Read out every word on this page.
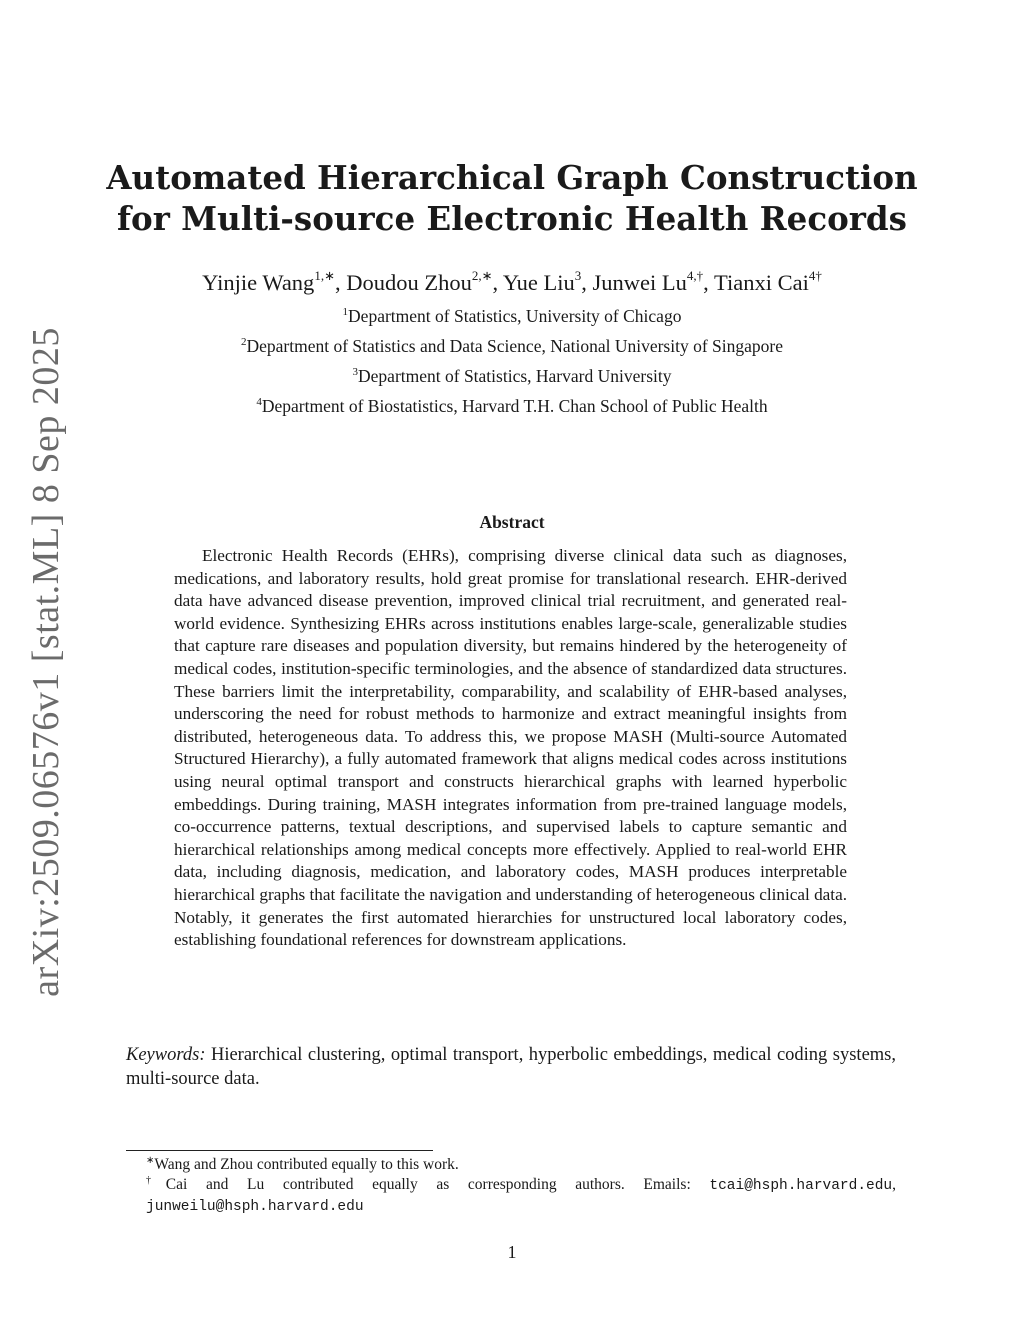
arXiv:2509.06576v1 [stat.ML] 8 Sep 2025
Automated Hierarchical Graph Construction
for Multi-source Electronic Health Records
Yinjie Wang$^{1,∗}$, Doudou Zhou$^{2,∗}$, Yue Liu$^3$, Junwei $Lu^{4,\dagger}$, Tianxi Cai$^{4\dagger}$
$^1$Department of Statistics, University of Chicago
$^2$Department of Statistics and Data Science, National University of Singapore
$^3$Department of Statistics, Harvard University
$^4$Department of Biostatistics, Harvard T.H. Chan School of Public Health
Abstract
Electronic Health Records (EHRs), comprising diverse clinical data such as diagnoses, medications, and laboratory results, hold great promise for translational research. EHR-derived data have advanced disease prevention, improved clinical trial recruitment, and generated real-world evidence. Synthesizing EHRs across institutions enables large-scale, generalizable studies that capture rare diseases and population diversity, but remains hindered by the heterogeneity of medical codes, institution-specific terminologies, and the absence of standardized data structures. These barriers limit the interpretability, comparability, and scalability of EHR-based analyses, underscoring the need for robust methods to harmonize and extract meaningful insights from distributed, heterogeneous data. To address this, we propose MASH (Multi-source Automated Structured Hierarchy), a fully automated framework that aligns medical codes across institutions using neural optimal transport and constructs hierarchical graphs with learned hyperbolic embeddings. During training, MASH integrates information from pre-trained language models, co-occurrence patterns, textual descriptions, and supervised labels to capture semantic and hierarchical relationships among medical concepts more effectively. Applied to real-world EHR data, including diagnosis, medication, and laboratory codes, MASH produces interpretable hierarchical graphs that facilitate the navigation and understanding of heterogeneous clinical data. Notably, it generates the first automated hierarchies for unstructured local laboratory codes, establishing foundational references for downstream applications.
Keywords: Hierarchical clustering, optimal transport, hyperbolic embeddings, medical coding systems, multi-source data.
∗Wang and Zhou contributed equally to this work.
†Cai and Lu contributed equally as corresponding authors. Emails: tcai@hsph.harvard.edu, junweilu@hsph.harvard.edu
1
